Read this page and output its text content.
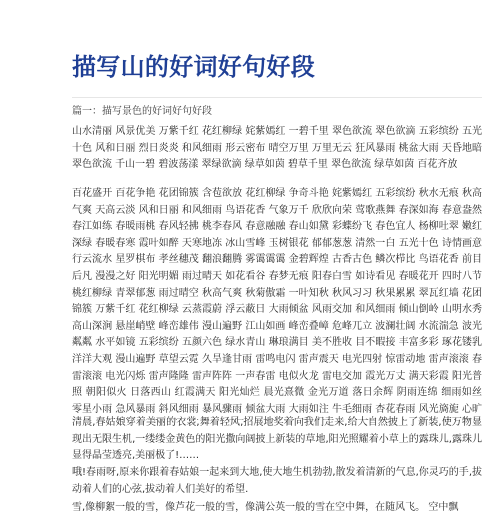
描写山的好词好句好段
篇一：描写景色的好词好句好段
山水清丽 风景优美 万紫千红 花红柳绿 姹紫嫣红 一碧千里 翠色欲流 翠色欲滴 五彩缤纷 五光十色 风和日丽 烈日炎炎 和风细雨 形云密布 晴空万里 万里无云 狂风暴雨 桃盆大雨 天昏地暗 翠色欲流 千山一碧 碧波荡漾 翠绿欲滴 绿草如茵 碧草千里 翠色欲流 绿草如茵 百花齐放
百花盛开 百花争艳 花团锦簇 含苞欲放 花红柳绿 争奇斗艳 姹紫嫣红 五彩缤纷 秋水无痕 秋高气爽 天高云淡 风和日丽 和风细雨 鸟语花香 气象万千 欣欣向荣 莺歌燕舞 春深如海 春意盎然 春江如练 春暖雨桃 春风轻拂 桃李春风 春意融融 春山如黛 彩蝶纷飞 春色宜人 杨柳吐翠 嫩红深绿 春暖春寒 霞叶如醉 天寒地冻 冰山雪峰 玉树银花 郁郁葱葱 清然一白 五光十色 诗情画意 行云流水 星罗棋布 孝丝穗茂 翻浪翻腾 雾霭霭霭 金碧辉煌 古香古色 鳞次栉比 鸟语花香 前目后凡 漫漫之好 阳光明媚 雨过晴天 如花看谷 春梦无痕 阳春白雪 如诗看见 春暖花开 四时八节 桃红柳绿 青翠郁葱 雨过晴空 秋高气爽 秋菊傲霜 一叶知秋 秋风习习 秋果累累 翠瓦红墙 花团锦簇 万紫千红 花红柳绿 云蒸霞蔚 浮云蔽日 大雨倾盆 风雨交加 和风细雨 倾山倒岭 山明水秀 高山深涧 悬崖峭壁 峰峦雄伟 漫山遍野 江山如画 峰峦叠嶂 危峰兀立 波澜壮阔 水流湍急 波光粼粼 水平如镜 五彩缤纷 五颜六色 绿水青山 琳琅满目 美不胜收 目不暇接 丰富多彩 琢花镂乳 洋洋大观 漫山遍野 草望云霓 久旱逢甘雨 雷鸣电闪 雷声震天 电光四射 惊雷动地 雷声滚滚 春雷滚滚 电光闪烁 雷声隆隆 雷声阵阵 一声春雷 电似火龙 雷电交加 霞光万丈 满天彩霞 阳光普照 朝阳似火 日落西山 红霞满天 阳光灿烂 晨光熹微 金光万道 落日余辉 阴雨连绵 细雨如丝 零星小雨 急风暴雨 斜风细雨 暴风骤雨 倾盆大雨 大雨如注 牛毛细雨 杏花春雨 风光旖旎 心旷
清晨,春姑娘穿着美丽的衣裳,舞着轻风,招展地奖着向我们走来,给大自然披上了新装,使万物显现出无限生机,一缕缕金黄色的阳光撒向阔披上新装的草地,阳光照耀着小草上的露珠儿,露珠儿显得晶莹透亮,美丽极了!……
哦!春雨呀,原来你跟着春姑娘一起来到大地,使大地生机勃勃,散发着清新的气息,你灵巧的手,拔动着人们的心弦,拔动着人们美好的希望.
雪,像柳絮一般的雪，像芦花一般的雪，像满公英一般的雪在空中舞，在随风飞。 空中飘
